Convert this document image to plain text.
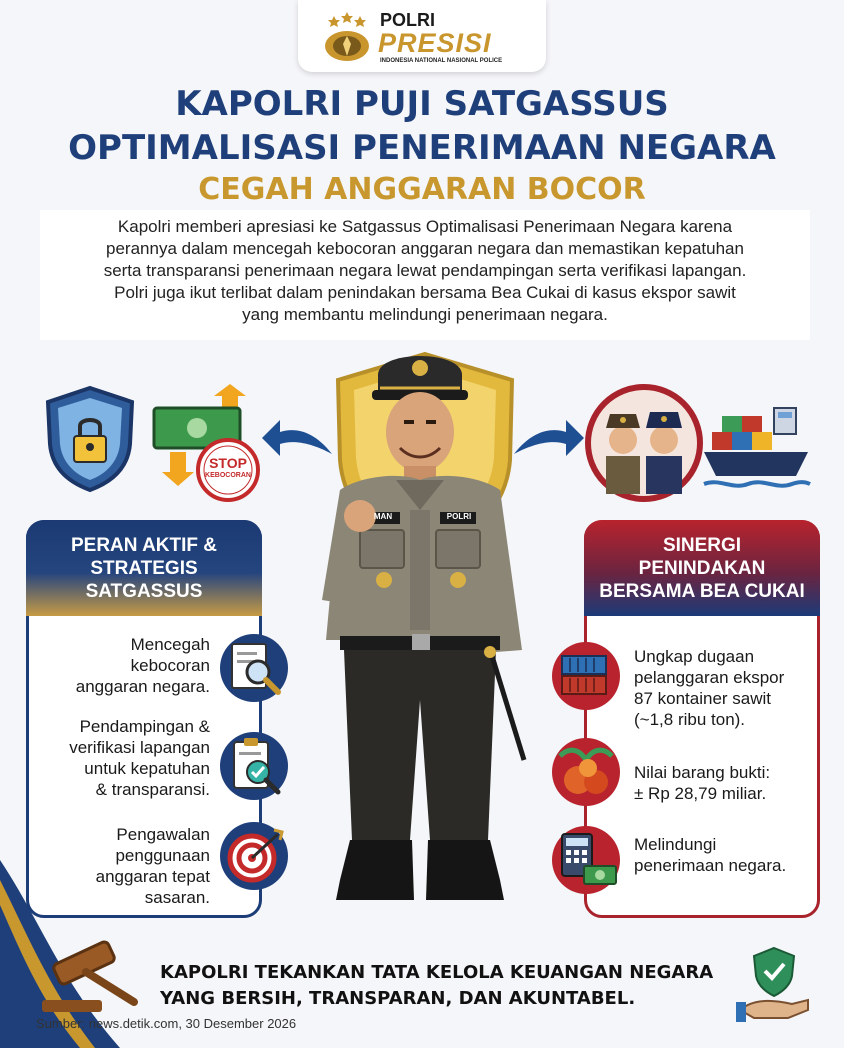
POLRI
PRESISI
INDONESIA NATIONAL NASIONAL POLICE
KAPOLRI PUJI SATGASSUS
OPTIMALISASI PENERIMAAN NEGARA
CEGAH ANGGARAN BOCOR
Kapolri memberi apresiasi ke Satgassus Optimalisasi Penerimaan Negara karena
perannya dalam mencegah kebocoran anggaran negara dan memastikan kepatuhan
serta transparansi penerimaan negara lewat pendampingan serta verifikasi lapangan.
Polri juga ikut terlibat dalam penindakan bersama Bea Cukai di kasus ekspor sawit
yang membantu melindungi penerimaan negara.
STOP
KEBOCORAN
POLRI
MAN
PERAN AKTIF &
STRATEGIS
SATGASSUS
Mencegah
kebocoran
anggaran negara.
Pendampingan &
verifikasi lapangan
untuk kepatuhan
& transparansi.
Pengawalan
penggunaan
anggaran tepat
sasaran.
SINERGI
PENINDAKAN
BERSAMA BEA CUKAI
Ungkap dugaan
pelanggaran ekspor
87 kontainer sawit
(~1,8 ribu ton).
Nilai barang bukti:
± Rp 28,79 miliar.
Melindungi
penerimaan negara.
KAPOLRI TEKANKAN TATA KELOLA KEUANGAN NEGARA
YANG BERSIH, TRANSPARAN, DAN AKUNTABEL.
Sumber: news.detik.com, 30 Desember 2026
